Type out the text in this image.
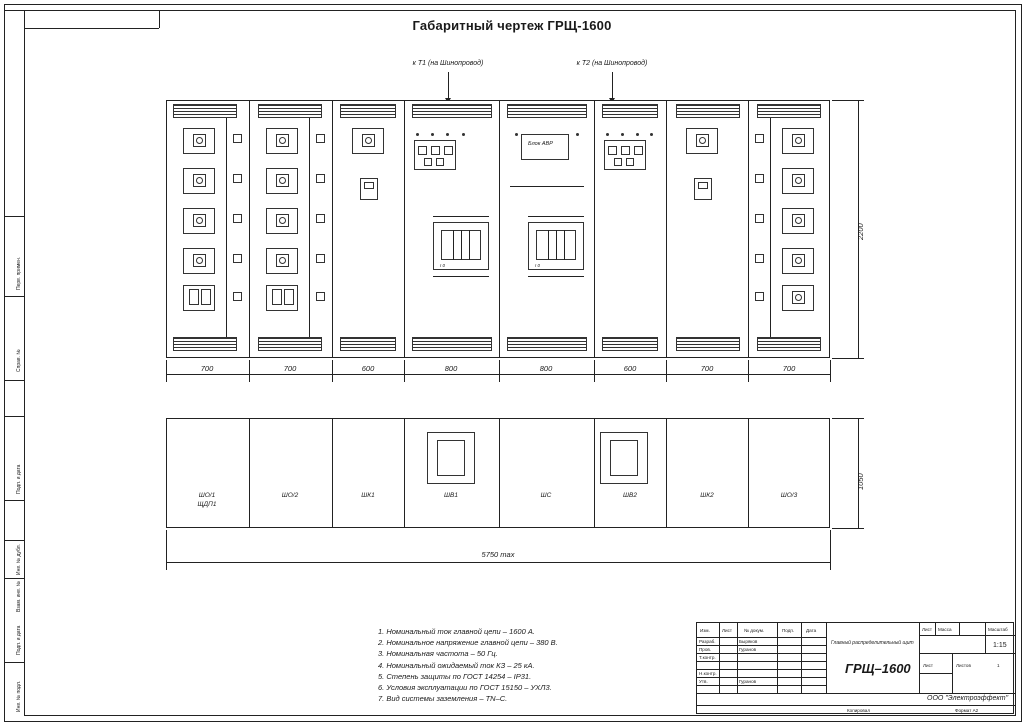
Перв. примен.
Справ. №
Подп. и дата
Инв. № дубл.
Взам. инв. №
Подп. и дата
Инв. № подл.
Габаритный чертеж ГРЩ-1600
к Т1 (на Шинопровод)	к Т2 (на Шинопровод)
I 0
Блок АВР
I 0
2200
700	700	600	800	800	600	700	700
ШО/1
ЩДП1
ШО/2	ШК1	ШВ1	ШС	ШВ2	ШК2	ШО/3
1050
5750 max
1. Номинальный ток главной цепи – 1600 А.
2. Номинальное напряжение главной цепи – 380 В.
3. Номинальная частота – 50 Гц.
4. Номинальный ожидаемый ток КЗ – 25 кА.
5. Степень защиты по ГОСТ 14254 – IP31.
6. Условия эксплуатации по ГОСТ 15150 – УХЛ3.
7. Вид системы заземления – TN–C.
Изм.	Лист	№ докум.	Подп.	Дата
Разраб.	Быряков
Пров.	Гуранов
Т.контр.
Н.контр.
Утв.	Гуранов
Главный распределительный щит
ГРЩ–1600
Лист Масса	Масштаб
1:15
Лист	Листов	1
ООО "Электроэффект"
Копировал	Формат А2
